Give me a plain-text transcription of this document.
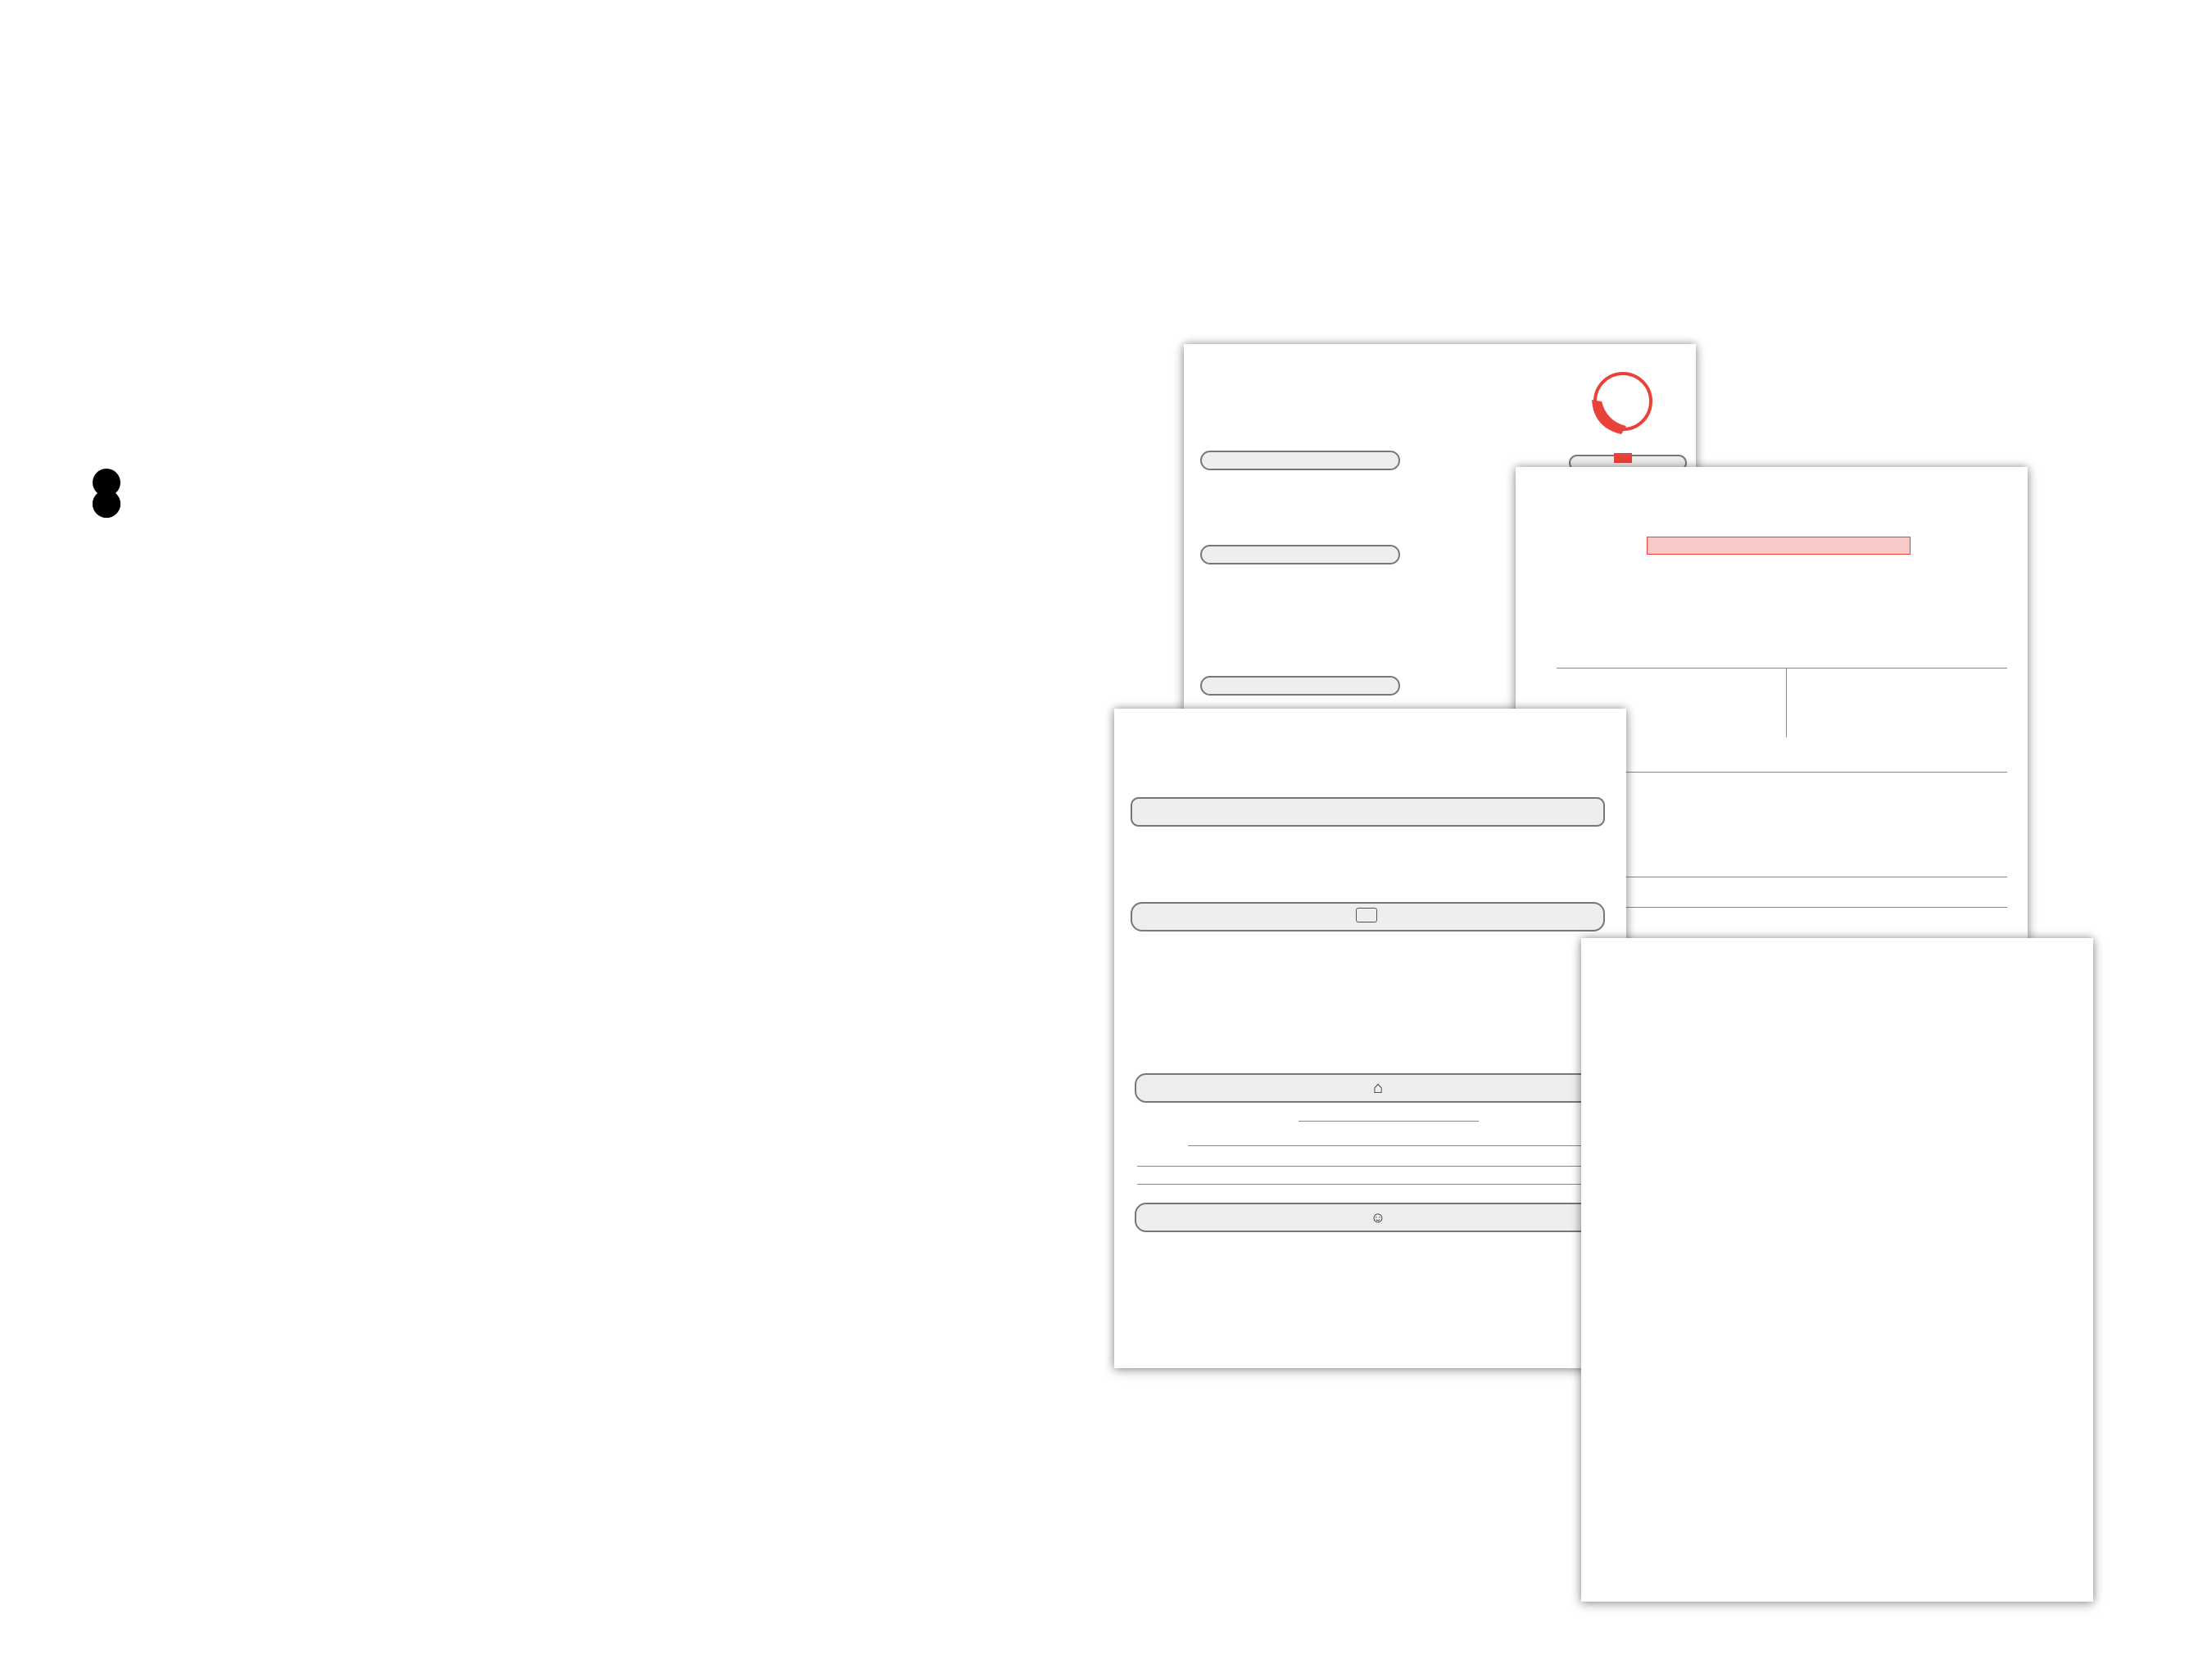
⌂
☺
